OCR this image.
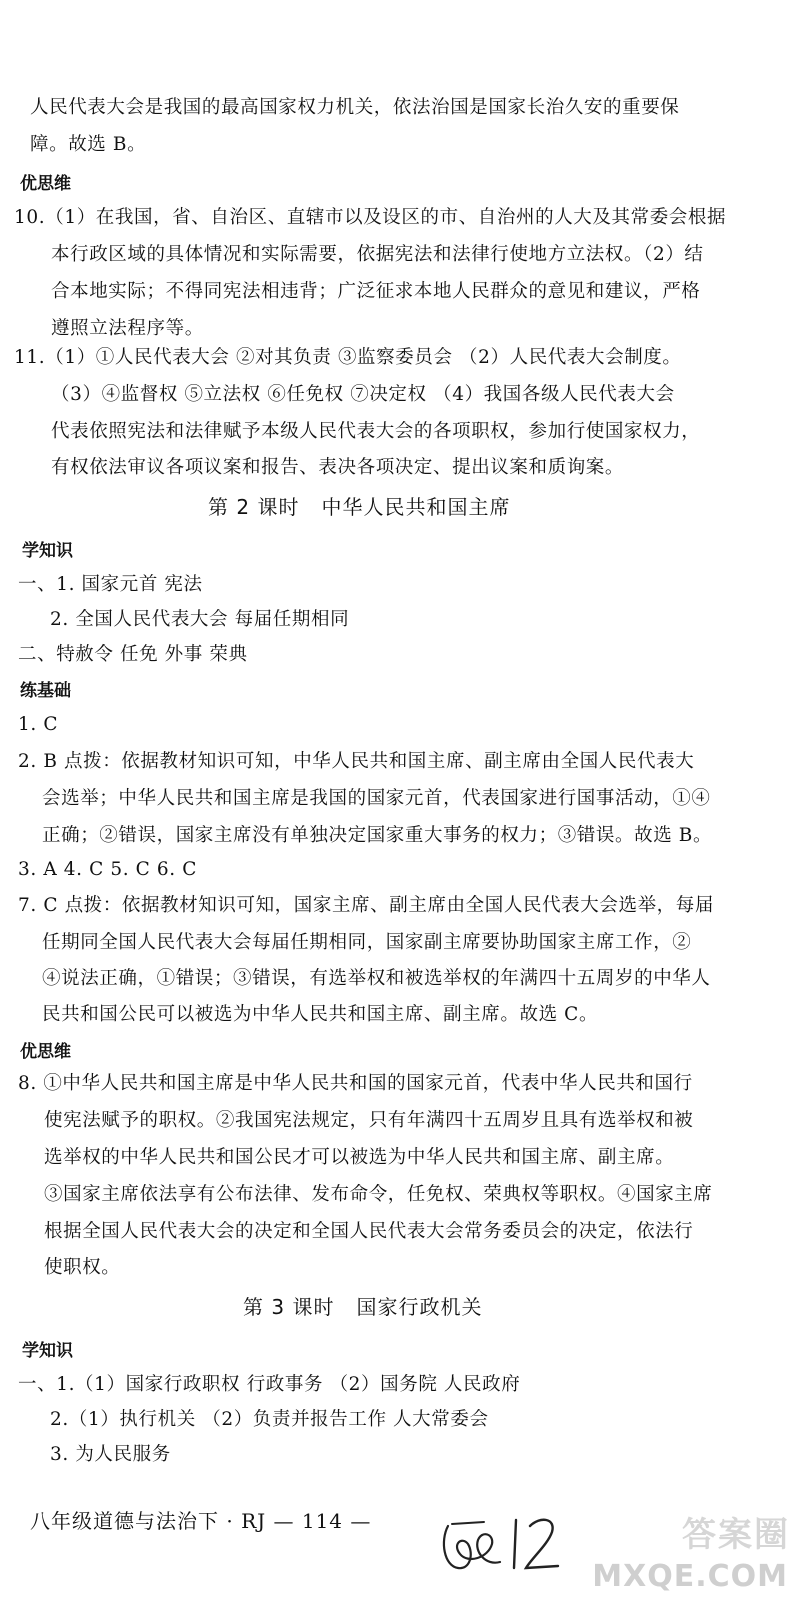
人民代表大会是我国的最高国家权力机关，依法治国是国家长治久安的重要保
障。故选 B。
优思维
10.（1）在我国，省、自治区、直辖市以及设区的市、自治州的人大及其常委会根据
本行政区域的具体情况和实际需要，依据宪法和法律行使地方立法权。（2）结
合本地实际；不得同宪法相违背；广泛征求本地人民群众的意见和建议，严格
遵照立法程序等。
11.（1）①人民代表大会 ②对其负责 ③监察委员会 （2）人民代表大会制度。
（3）④监督权 ⑤立法权 ⑥任免权 ⑦决定权 （4）我国各级人民代表大会
代表依照宪法和法律赋予本级人民代表大会的各项职权，参加行使国家权力，
有权依法审议各项议案和报告、表决各项决定、提出议案和质询案。
第 2 课时 中华人民共和国主席
学知识
一、1. 国家元首 宪法
2. 全国人民代表大会 每届任期相同
二、特赦令 任免 外事 荣典
练基础
1. C
2. B 点拨：依据教材知识可知，中华人民共和国主席、副主席由全国人民代表大
会选举；中华人民共和国主席是我国的国家元首，代表国家进行国事活动，①④
正确；②错误，国家主席没有单独决定国家重大事务的权力；③错误。故选 B。
3. A 4. C 5. C 6. C
7. C 点拨：依据教材知识可知，国家主席、副主席由全国人民代表大会选举，每届
任期同全国人民代表大会每届任期相同，国家副主席要协助国家主席工作，②
④说法正确，①错误；③错误，有选举权和被选举权的年满四十五周岁的中华人
民共和国公民可以被选为中华人民共和国主席、副主席。故选 C。
优思维
8. ①中华人民共和国主席是中华人民共和国的国家元首，代表中华人民共和国行
使宪法赋予的职权。②我国宪法规定，只有年满四十五周岁且具有选举权和被
选举权的中华人民共和国公民才可以被选为中华人民共和国主席、副主席。
③国家主席依法享有公布法律、发布命令，任免权、荣典权等职权。④国家主席
根据全国人民代表大会的决定和全国人民代表大会常务委员会的决定，依法行
使职权。
第 3 课时 国家行政机关
学知识
一、1.（1）国家行政职权 行政事务 （2）国务院 人民政府
2.（1）执行机关 （2）负责并报告工作 人大常委会
3. 为人民服务
八年级道德与法治下 · RJ — 114 —	答案圈
MXQE.COM
